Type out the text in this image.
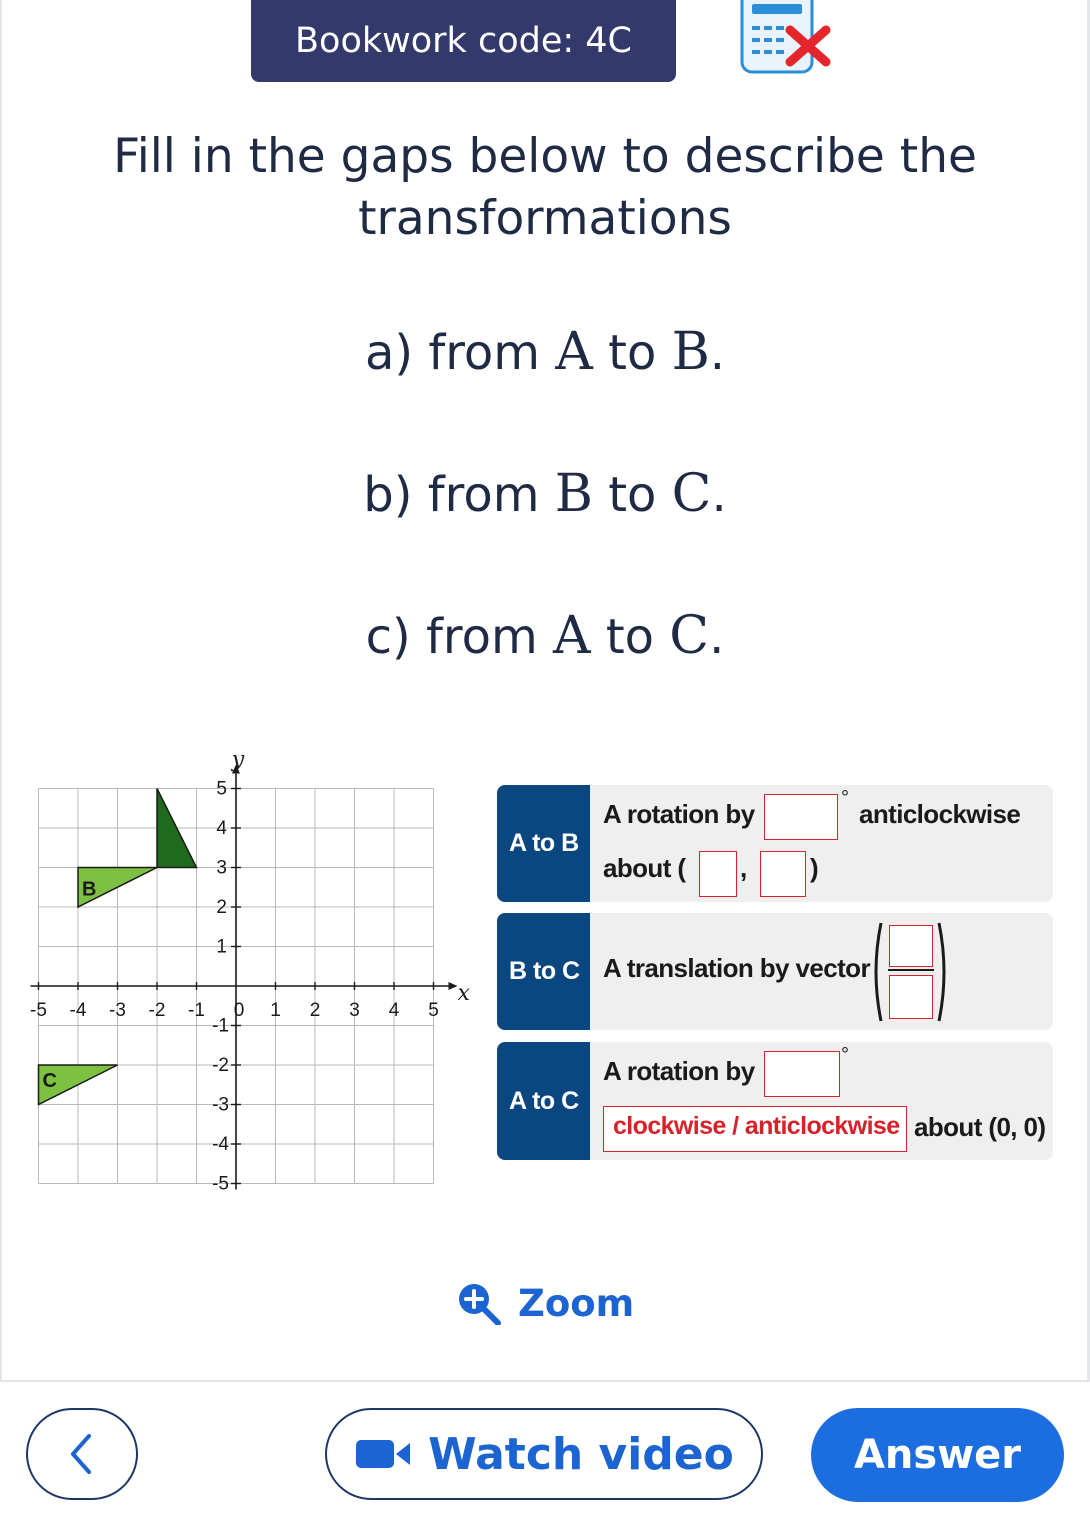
Bookwork code: 4C
Fill in the gaps below to describe the transformations
a) from A to B.
b) from B to C.
c) from A to C.
-5 -4 -3 -2 -1 0 1 2 3 4 5
1
2
3
4
5
-1
-2
-3
-4
-5
x
y
A
B
C
A to B
A rotation by
°
anticlockwise
about ( , )
B to C A translation by vector
A to C
A rotation by
°
clockwise / anticlockwise about (0, 0)
Zoom
Watch video	Answer
